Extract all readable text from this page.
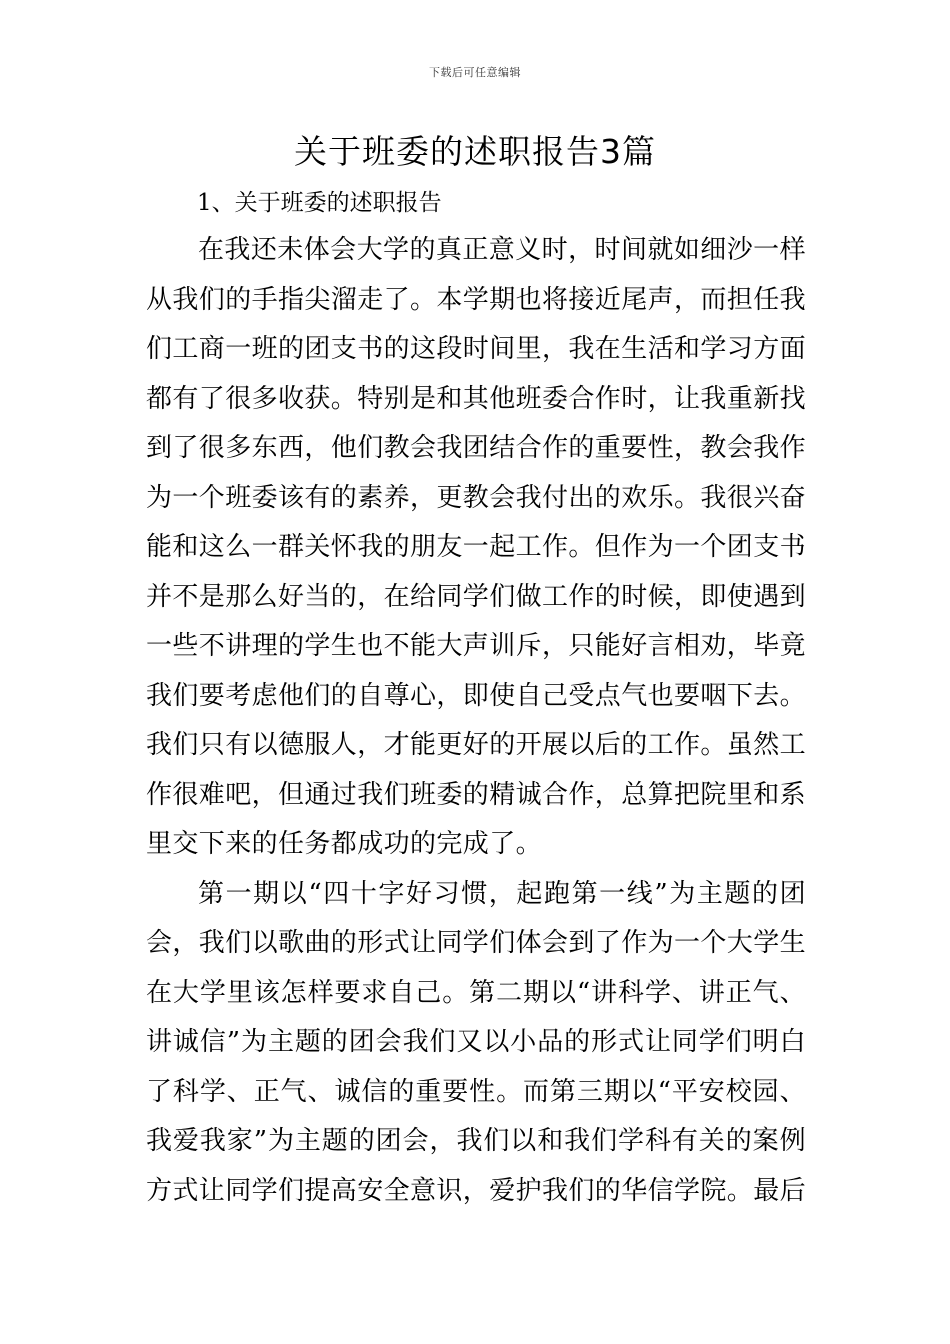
下载后可任意编辑
关于班委的述职报告3篇
1、关于班委的述职报告

在我还未体会大学的真正意义时，时间就如细沙一样从我们的手指尖溜走了。本学期也将接近尾声，而担任我们工商一班的团支书的这段时间里，我在生活和学习方面都有了很多收获。特别是和其他班委合作时，让我重新找到了很多东西，他们教会我团结合作的重要性，教会我作为一个班委该有的素养，更教会我付出的欢乐。我很兴奋能和这么一群关怀我的朋友一起工作。但作为一个团支书并不是那么好当的，在给同学们做工作的时候，即使遇到一些不讲理的学生也不能大声训斥，只能好言相劝，毕竟我们要考虑他们的自尊心，即使自己受点气也要咽下去。我们只有以德服人，才能更好的开展以后的工作。虽然工作很难吧，但通过我们班委的精诚合作，总算把院里和系里交下来的任务都成功的完成了。

第一期以“四十字好习惯，起跑第一线”为主题的团会，我们以歌曲的形式让同学们体会到了作为一个大学生在大学里该怎样要求自己。第二期以“讲科学、讲正气、讲诚信”为主题的团会我们又以小品的形式让同学们明白了科学、正气、诚信的重要性。而第三期以“平安校园、我爱我家”为主题的团会，我们以和我们学科有关的案例方式让同学们提高安全意识，爱护我们的华信学院。最后
